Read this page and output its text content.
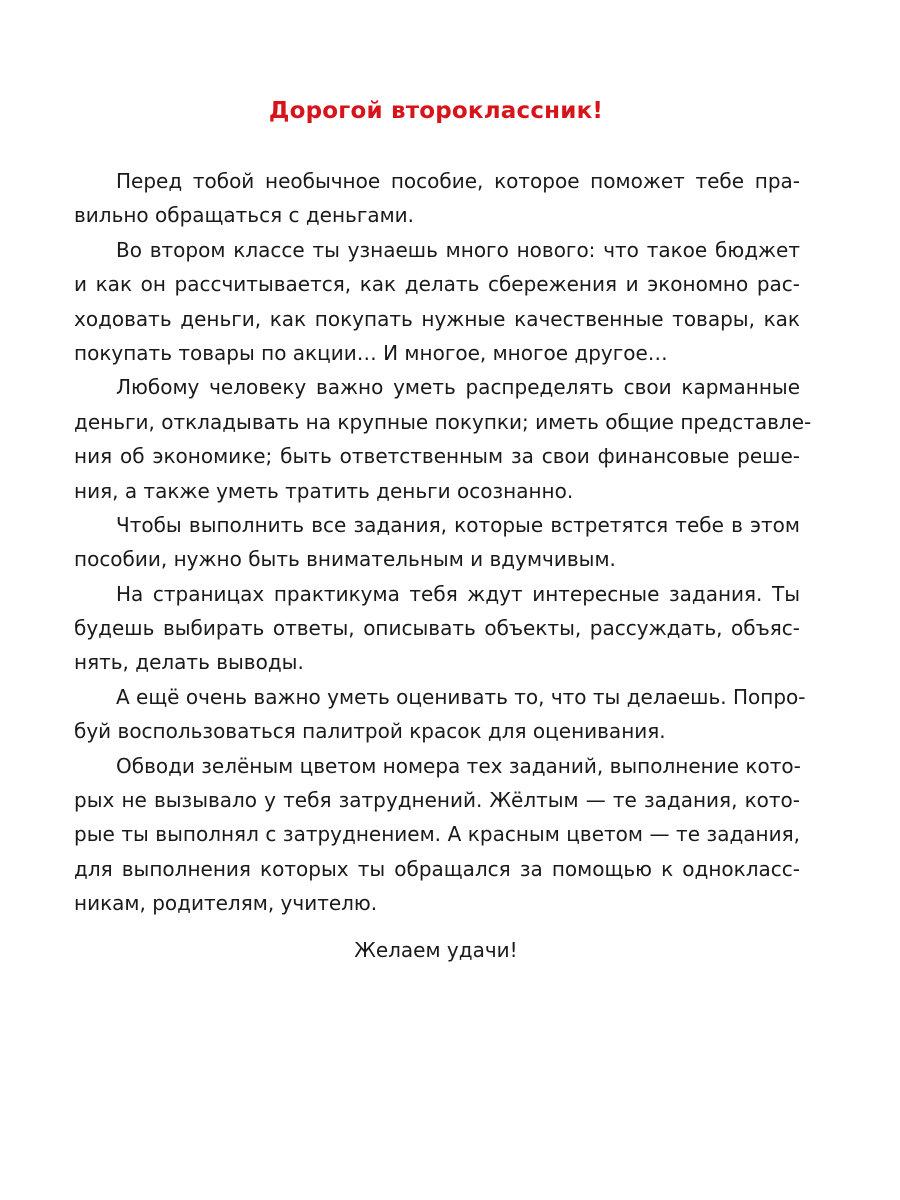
Дорогой второклассник!
Перед тобой необычное пособие, которое поможет тебе пра-
вильно обращаться с деньгами.
Во втором классе ты узнаешь много нового: что такое бюджет
и как он рассчитывается, как делать сбережения и экономно рас-
ходовать деньги, как покупать нужные качественные товары, как
покупать товары по акции… И многое, многое другое…
Любому человеку важно уметь распределять свои карманные
деньги, откладывать на крупные покупки; иметь общие представле-
ния об экономике; быть ответственным за свои финансовые реше-
ния, а также уметь тратить деньги осознанно.
Чтобы выполнить все задания, которые встретятся тебе в этом
пособии, нужно быть внимательным и вдумчивым.
На страницах практикума тебя ждут интересные задания. Ты
будешь выбирать ответы, описывать объекты, рассуждать, объяс-
нять, делать выводы.
А ещё очень важно уметь оценивать то, что ты делаешь. Попро-
буй воспользоваться палитрой красок для оценивания.
Обводи зелёным цветом номера тех заданий, выполнение кото-
рых не вызывало у тебя затруднений. Жёлтым — те задания, кото-
рые ты выполнял с затруднением. А красным цветом — те задания,
для выполнения которых ты обращался за помощью к однокласс-
никам, родителям, учителю.
Желаем удачи!
